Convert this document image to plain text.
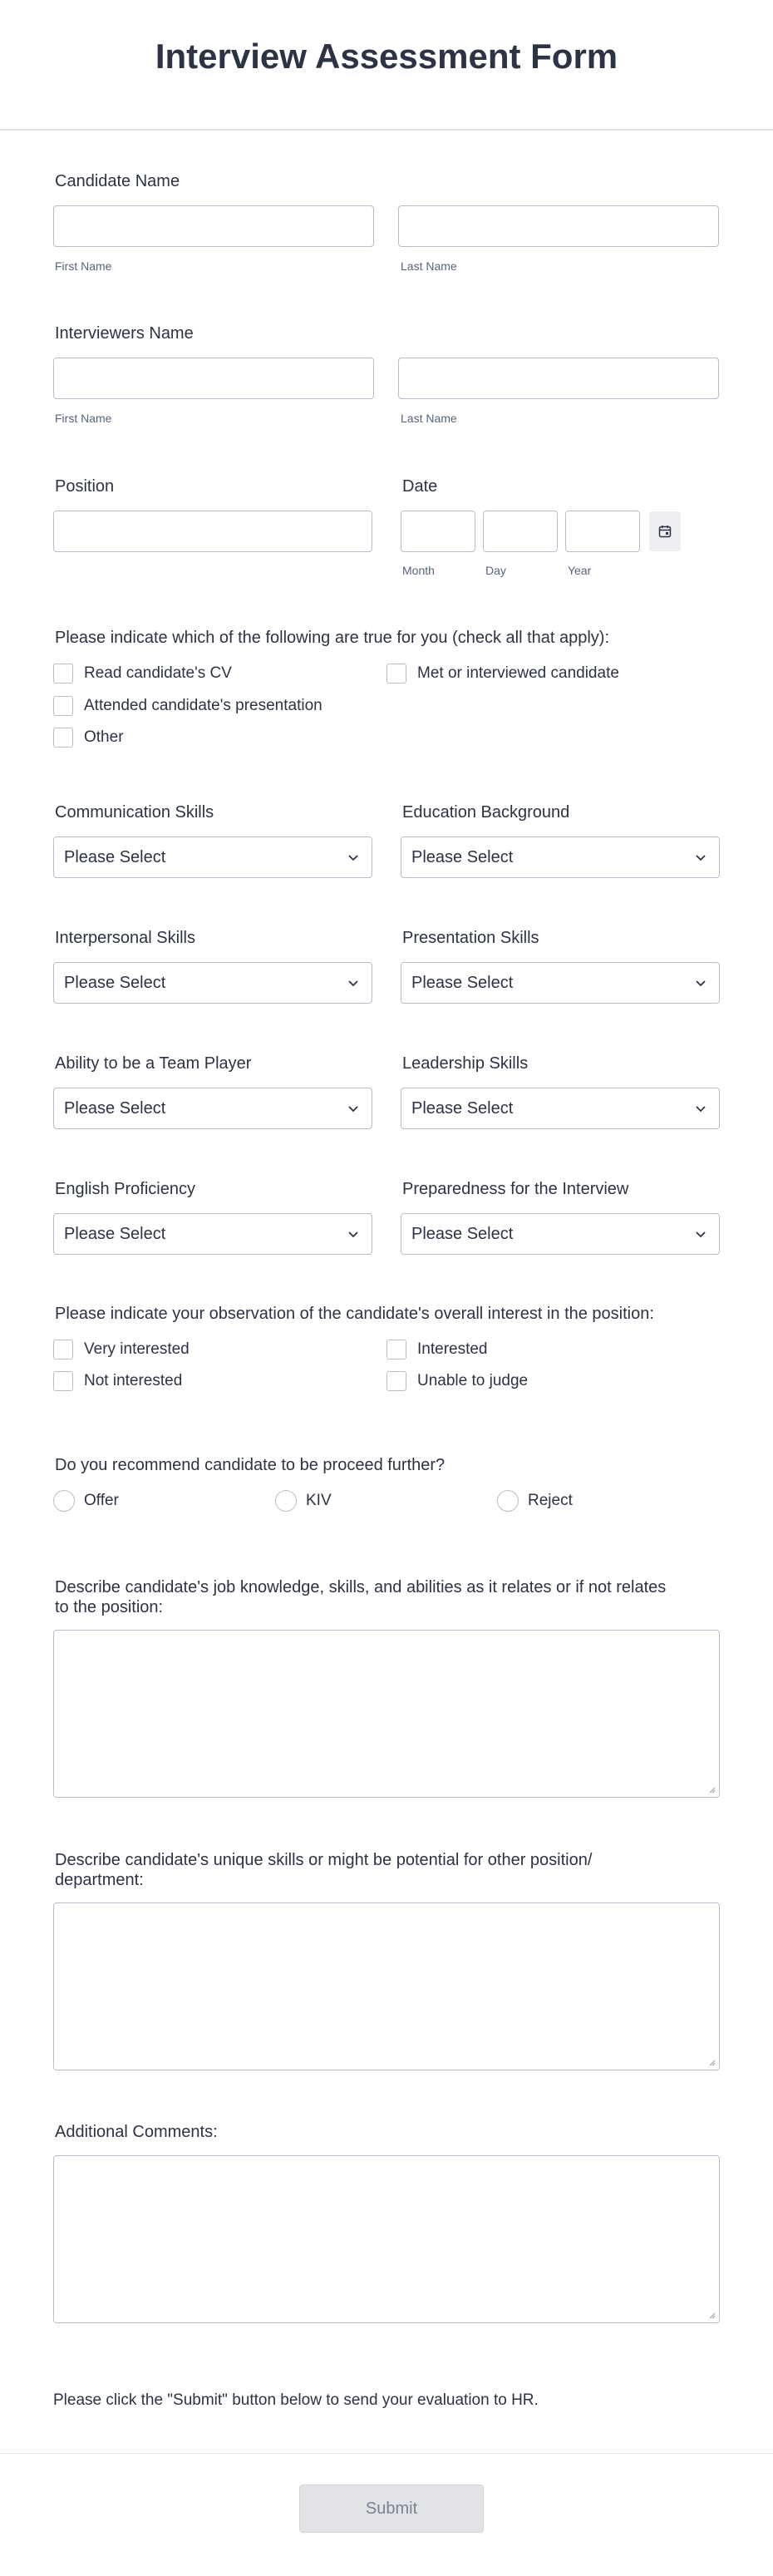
Interview Assessment Form
Candidate Name
First Name	Last Name
Interviewers Name
First Name	Last Name
Position	Date
Month	Day	Year
Please indicate which of the following are true for you (check all that apply):
Read candidate's CV	Met or interviewed candidate
Attended candidate's presentation
Other
Communication Skills
Please Select
Education Background
Please Select
Interpersonal Skills
Please Select
Presentation Skills
Please Select
Ability to be a Team Player
Please Select
Leadership Skills
Please Select
English Proficiency
Please Select
Preparedness for the Interview
Please Select
Please indicate your observation of the candidate's overall interest in the position:
Very interested	Interested
Not interested	Unable to judge
Do you recommend candidate to be proceed further?
Offer	KIV	Reject
Describe candidate's job knowledge, skills, and abilities as it relates or if not relates
to the position:
Describe candidate's unique skills or might be potential for other position/
department:
Additional Comments:
Please click the "Submit" button below to send your evaluation to HR.
Submit
